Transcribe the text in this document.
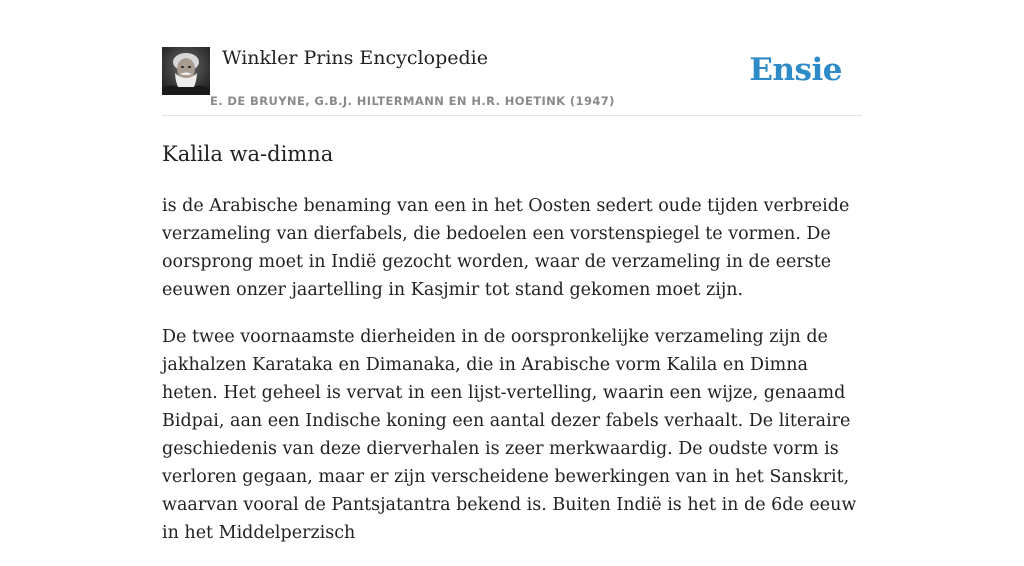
Winkler Prins Encyclopedie
E. DE BRUYNE, G.B.J. HILTERMANN EN H.R. HOETINK (1947)
Ensie
Kalila wa-dimna

is de Arabische benaming van een in het Oosten sedert oude tijden verbreide verzameling van dierfabels, die bedoelen een vorstenspiegel te vormen. De oorsprong moet in Indië gezocht worden, waar de verzameling in de eerste eeuwen onzer jaartelling in Kasjmir tot stand gekomen moet zijn.

De twee voornaamste dierheiden in de oorspronkelijke verzameling zijn de jakhalzen Karataka en Dimanaka, die in Arabische vorm Kalila en Dimna heten. Het geheel is vervat in een lijst-vertelling, waarin een wijze, genaamd Bidpai, aan een Indische koning een aantal dezer fabels verhaalt. De literaire geschiedenis van deze dierverhalen is zeer merkwaardig. De oudste vorm is verloren gegaan, maar er zijn verscheidene bewerkingen van in het Sanskrit, waarvan vooral de Pantsjatantra bekend is. Buiten Indië is het in de 6de eeuw in het Middelperzisch
